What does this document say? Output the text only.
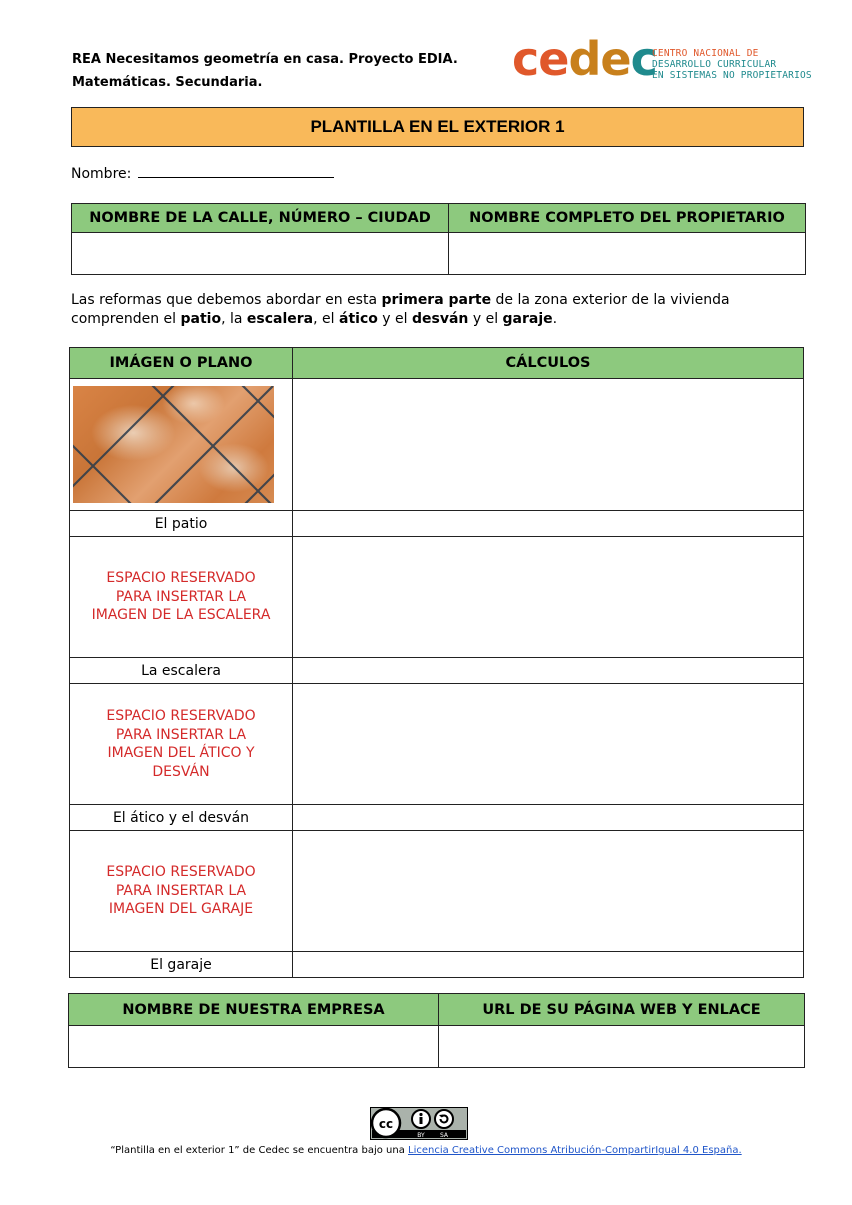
REA Necesitamos geometría en casa. Proyecto EDIA.
Matemáticas. Secundaria.	cedec
CENTRO NACIONAL DE
DESARROLLO CURRICULAR
EN SISTEMAS NO PROPIETARIOS
PLANTILLA EN EL EXTERIOR 1
Nombre:
NOMBRE DE LA CALLE, NÚMERO – CIUDAD	NOMBRE COMPLETO DEL PROPIETARIO

Las reformas que debemos abordar en esta primera parte de la zona exterior de la vivienda comprenden el patio, la escalera, el ático y el desván y el garaje.
IMÁGEN O PLANO	CÁLCULOS

El patio	

ESPACIO RESERVADO
PARA INSERTAR LA
IMAGEN DE LA ESCALERA	

La escalera	

ESPACIO RESERVADO
PARA INSERTAR LA
IMAGEN DEL ÁTICO Y
DESVÁN	

El ático y el desván	

ESPACIO RESERVADO
PARA INSERTAR LA
IMAGEN DEL GARAJE	

El garaje	
NOMBRE DE NUESTRA EMPRESA	URL DE SU PÁGINA WEB Y ENLACE

cc
BY	SA
“Plantilla en el exterior 1” de Cedec se encuentra bajo una Licencia Creative Commons Atribución-CompartirIgual 4.0 España.
